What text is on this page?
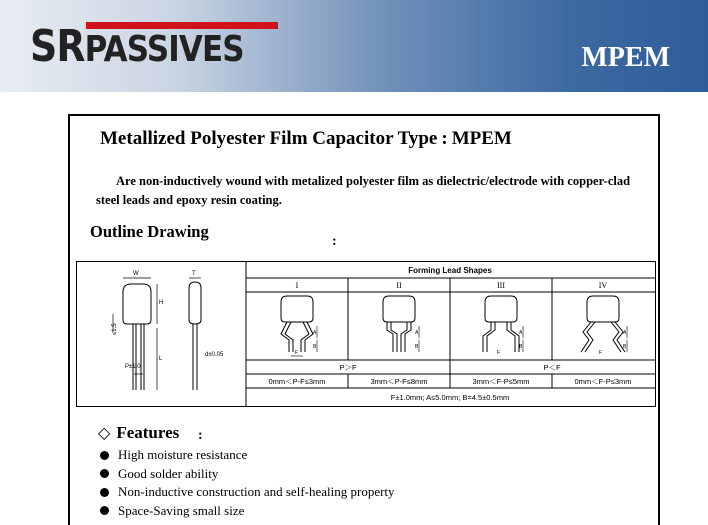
SRPASSIVES	MPEM
Metallized Polyester Film Capacitor Type : MPEM
Are non-inductively wound with metalized polyester film as dielectric/electrode with copper-clad steel leads and epoxy resin coating.
Outline Drawing
:
W
H
L
≤1.5
P±1.0
T
d±0.05
Forming Lead Shapes
I	II	III	IV
A
B
F
A
B
A
B
F
A
B
F
P＞F	P＜F
0mm＜P-F≤3mm	3mm＜P-F≤8mm	3mm＜F-P≤5mm	0mm＜F-P≤3mm
F±1.0mm; A≤5.0mm; B=4.5±0.5mm
◇ Features :
High moisture resistance
Good solder ability
Non-inductive construction and self-healing property
Space-Saving small size
